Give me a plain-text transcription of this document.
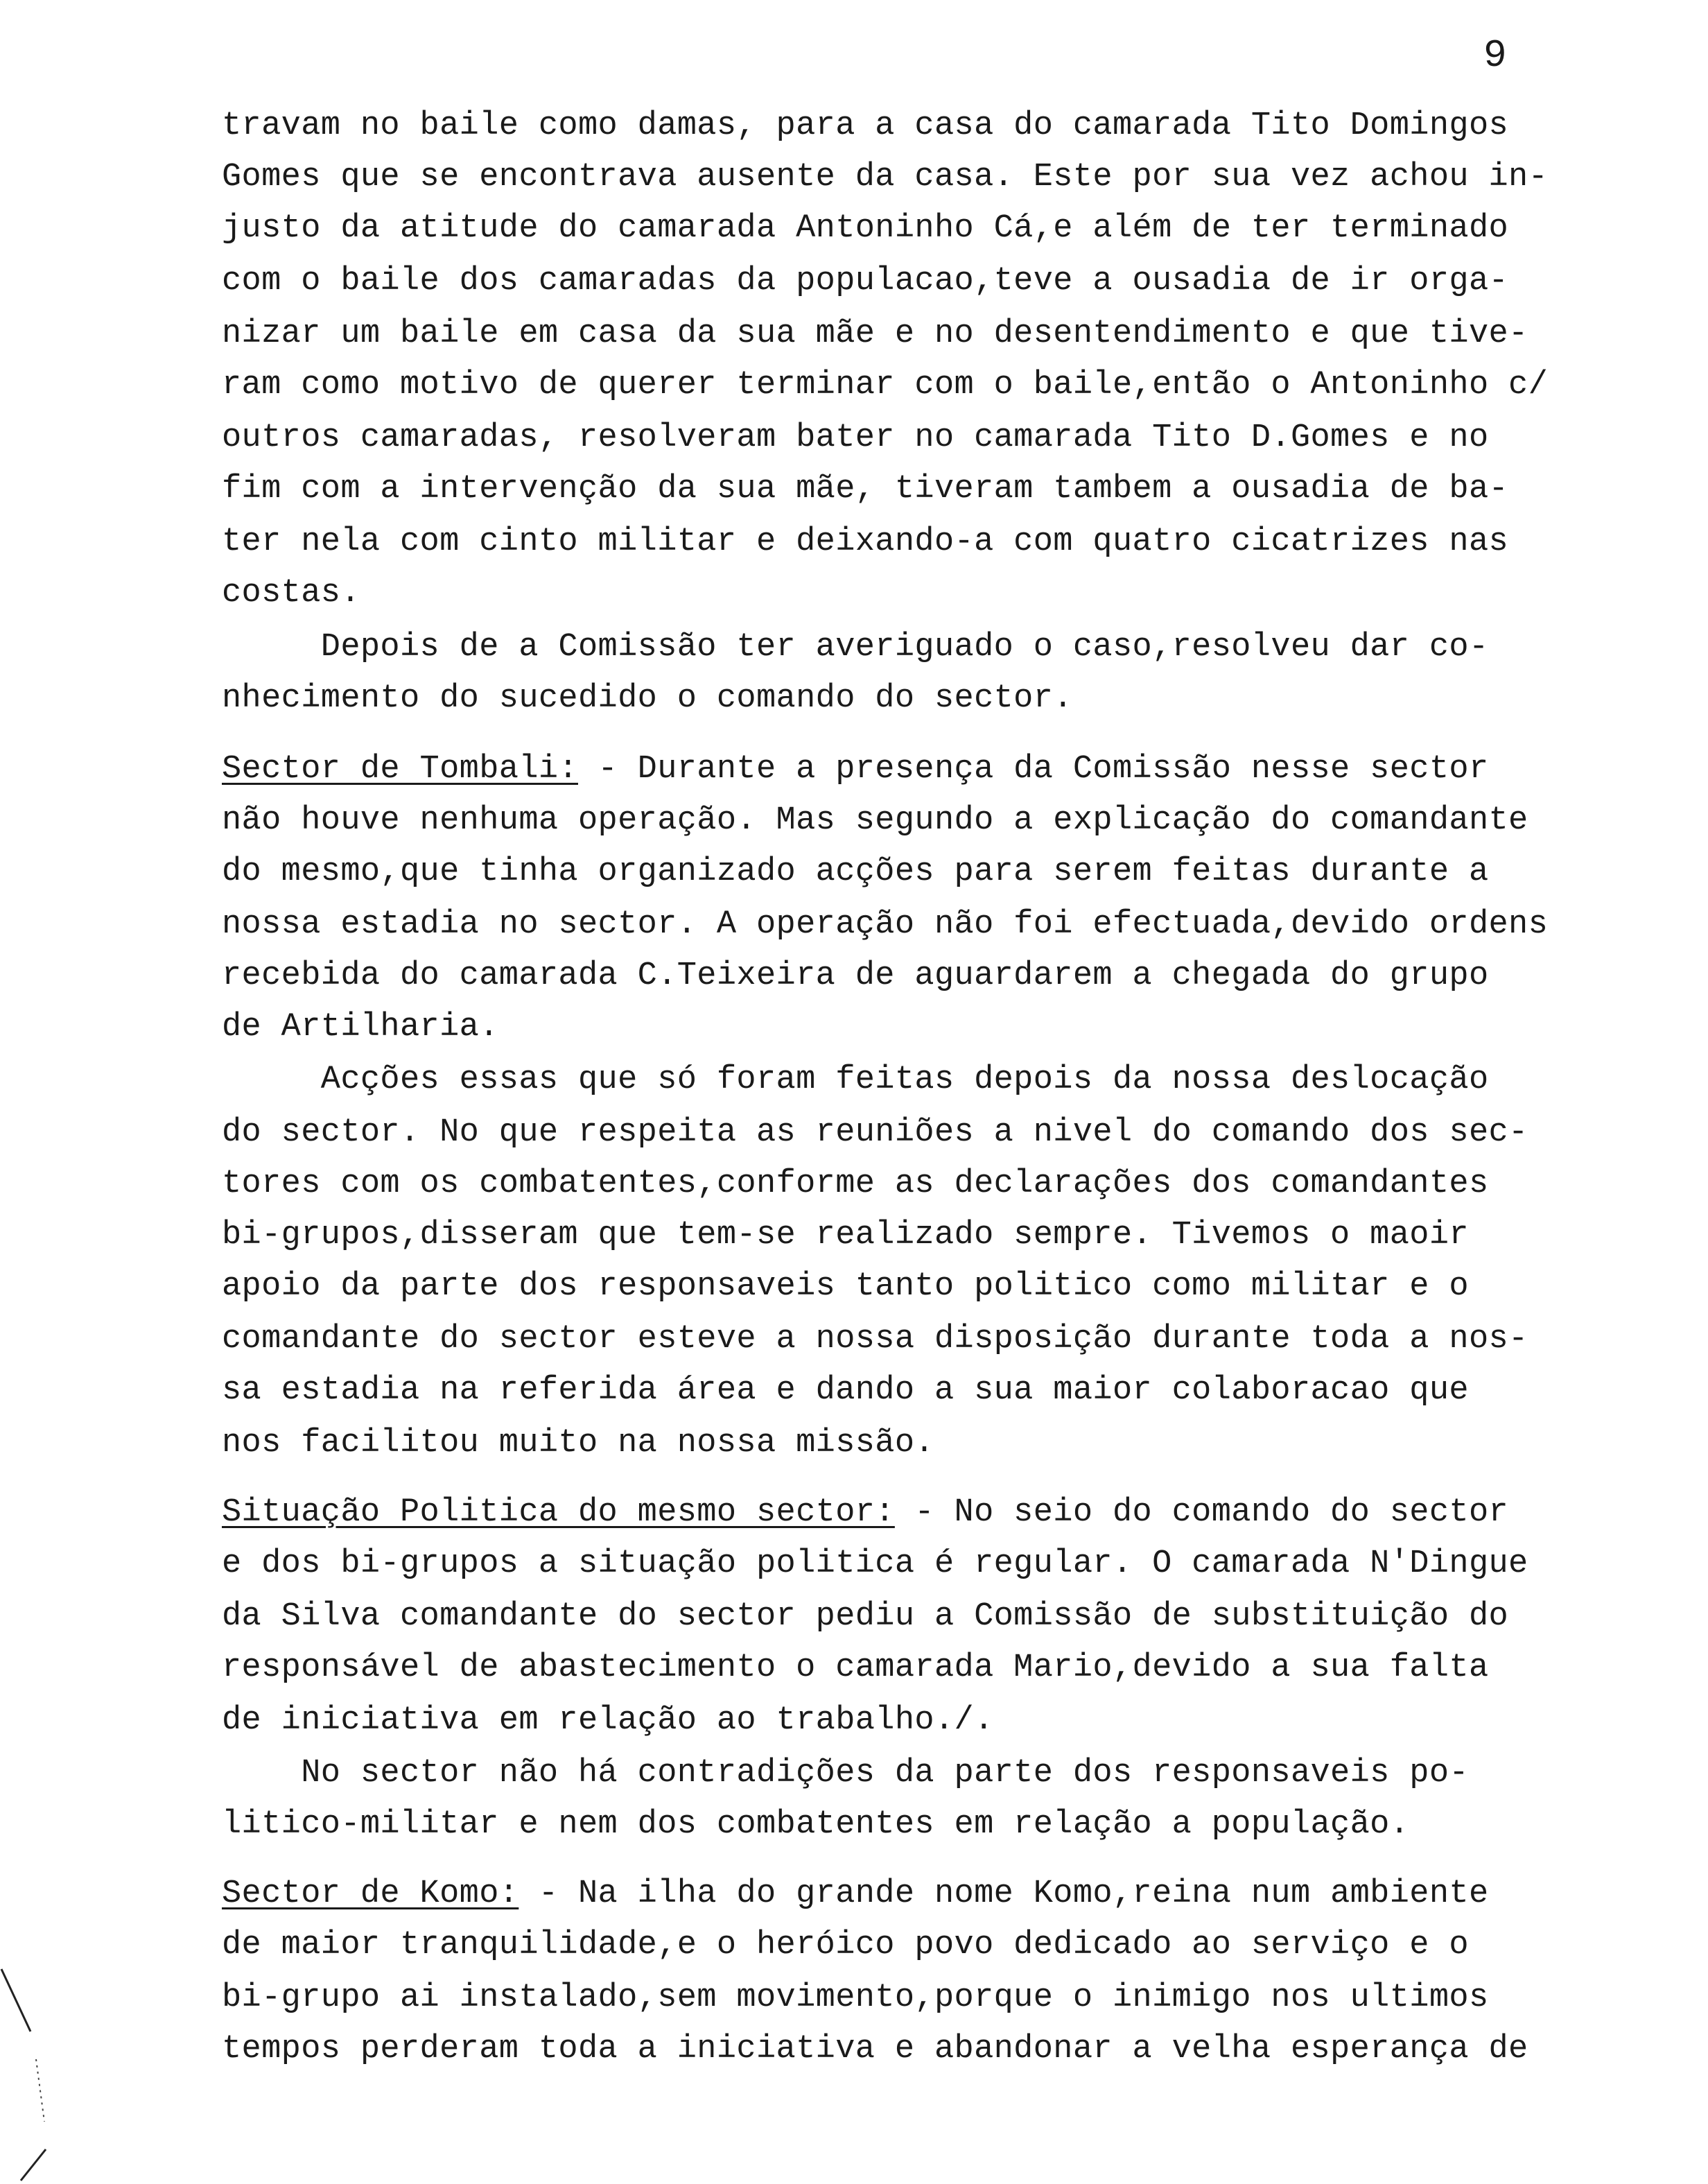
9
travam no baile como damas, para a casa do camarada Tito Domingos
Gomes que se encontrava ausente da casa. Este por sua vez achou in-
justo da atitude do camarada Antoninho Cá,e além de ter terminado
com o baile dos camaradas da populacao,teve a ousadia de ir orga-
nizar um baile em casa da sua mãe e no desentendimento e que tive-
ram como motivo de querer terminar com o baile,então o Antoninho c/
outros camaradas, resolveram bater no camarada Tito D.Gomes e no
fim com a intervenção da sua mãe, tiveram tambem a ousadia de ba-
ter nela com cinto militar e deixando-a com quatro cicatrizes nas
costas.
Depois de a Comissão ter averiguado o caso,resolveu dar co-
nhecimento do sucedido o comando do sector.
Sector de Tombali: - Durante a presença da Comissão nesse sector
não houve nenhuma operação. Mas segundo a explicação do comandante
do mesmo,que tinha organizado acções para serem feitas durante a
nossa estadia no sector. A operação não foi efectuada,devido ordens
recebida do camarada C.Teixeira de aguardarem a chegada do grupo
de Artilharia.
Acções essas que só foram feitas depois da nossa deslocação
do sector. No que respeita as reuniões a nivel do comando dos sec-
tores com os combatentes,conforme as declarações dos comandantes
bi-grupos,disseram que tem-se realizado sempre. Tivemos o maoir
apoio da parte dos responsaveis tanto politico como militar e o
comandante do sector esteve a nossa disposição durante toda a nos-
sa estadia na referida área e dando a sua maior colaboracao que
nos facilitou muito na nossa missão.
Situação Politica do mesmo sector: - No seio do comando do sector
e dos bi-grupos a situação politica é regular. O camarada N'Dingue
da Silva comandante do sector pediu a Comissão de substituição do
responsável de abastecimento o camarada Mario,devido a sua falta
de iniciativa em relação ao trabalho./.
No sector não há contradições da parte dos responsaveis po-
litico-militar e nem dos combatentes em relação a população.
Sector de Komo: - Na ilha do grande nome Komo,reina num ambiente
de maior tranquilidade,e o heróico povo dedicado ao serviço e o
bi-grupo ai instalado,sem movimento,porque o inimigo nos ultimos
tempos perderam toda a iniciativa e abandonar a velha esperança de
